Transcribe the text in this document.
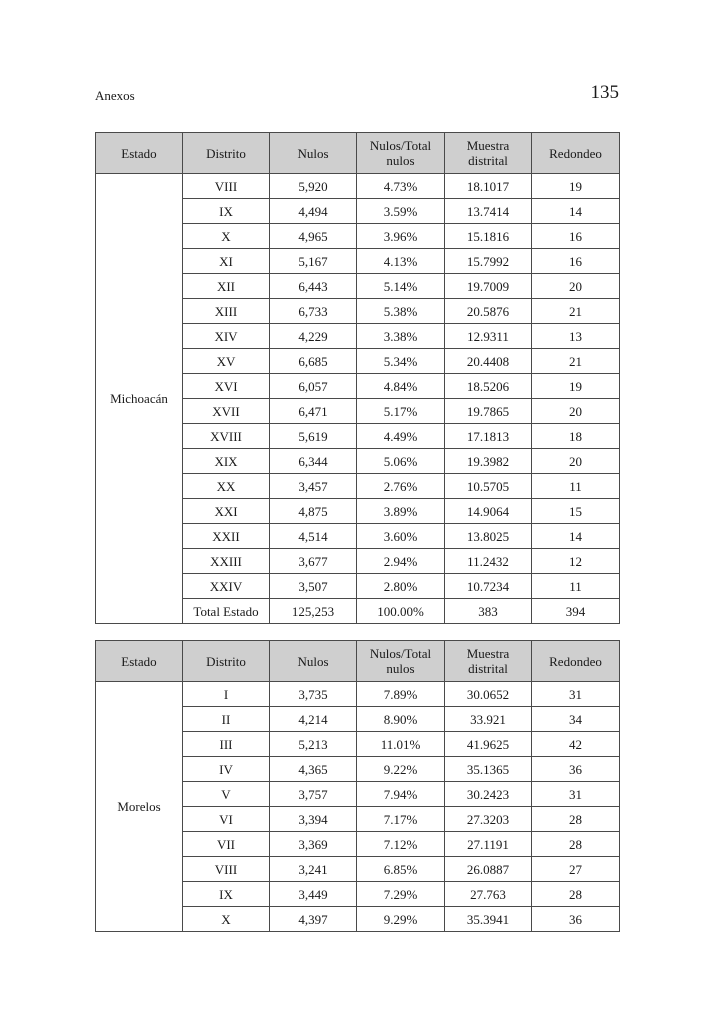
Anexos	135
Estado	Distrito	Nulos	Nulos/Total nulos	Muestra distrital	Redondeo
Michoacán	VIII	5,920	4.73%	18.1017	19
	IX	4,494	3.59%	13.7414	14
	X	4,965	3.96%	15.1816	16
	XI	5,167	4.13%	15.7992	16
	XII	6,443	5.14%	19.7009	20
	XIII	6,733	5.38%	20.5876	21
	XIV	4,229	3.38%	12.9311	13
	XV	6,685	5.34%	20.4408	21
	XVI	6,057	4.84%	18.5206	19
	XVII	6,471	5.17%	19.7865	20
	XVIII	5,619	4.49%	17.1813	18
	XIX	6,344	5.06%	19.3982	20
	XX	3,457	2.76%	10.5705	11
	XXI	4,875	3.89%	14.9064	15
	XXII	4,514	3.60%	13.8025	14
	XXIII	3,677	2.94%	11.2432	12
	XXIV	3,507	2.80%	10.7234	11
	Total Estado	125,253	100.00%	383	394
Estado	Distrito	Nulos	Nulos/Total nulos	Muestra distrital	Redondeo
Morelos	I	3,735	7.89%	30.0652	31
	II	4,214	8.90%	33.921	34
	III	5,213	11.01%	41.9625	42
	IV	4,365	9.22%	35.1365	36
	V	3,757	7.94%	30.2423	31
	VI	3,394	7.17%	27.3203	28
	VII	3,369	7.12%	27.1191	28
	VIII	3,241	6.85%	26.0887	27
	IX	3,449	7.29%	27.763	28
	X	4,397	9.29%	35.3941	36
